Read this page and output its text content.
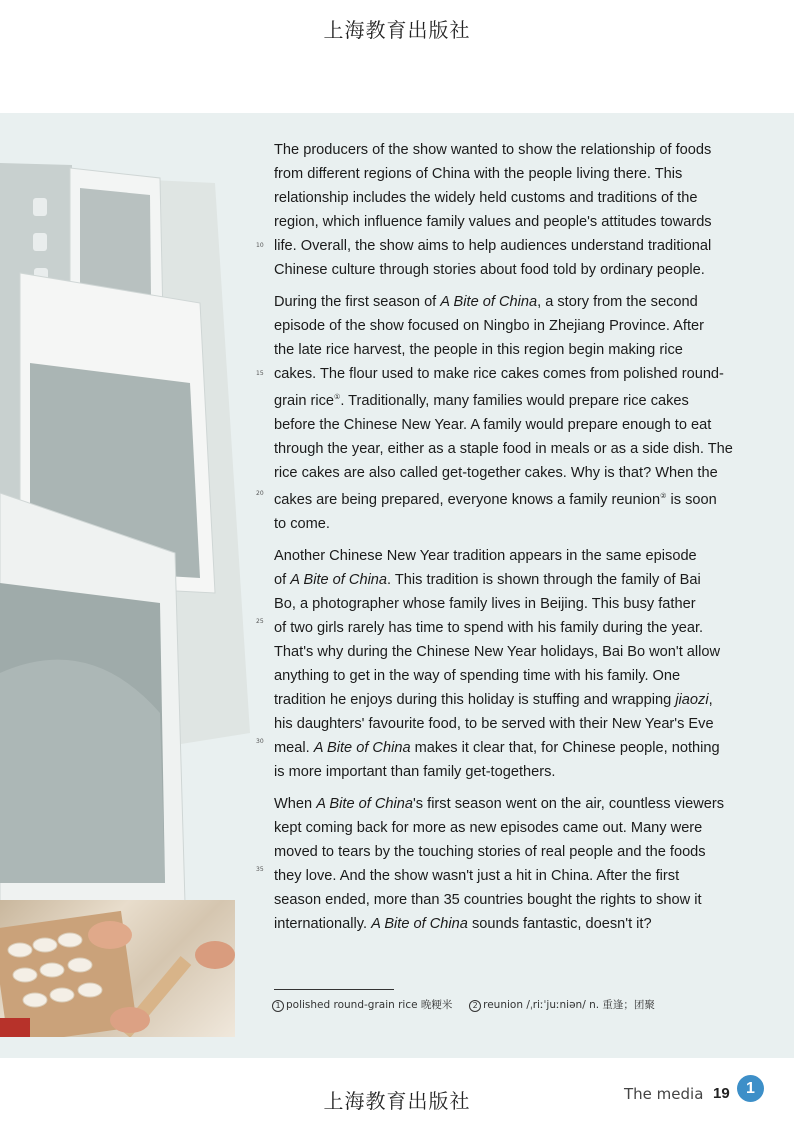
上海教育出版社

The producers of the show wanted to show the relationship of foods
from different regions of China with the people living there. This
relationship includes the widely held customs and traditions of the
region, which influence family values and people's attitudes towards
life. Overall, the show aims to help audiences understand traditional
Chinese culture through stories about food told by ordinary people.

During the first season of A Bite of China, a story from the second
episode of the show focused on Ningbo in Zhejiang Province. After
the late rice harvest, the people in this region begin making rice
cakes. The flour used to make rice cakes comes from polished round-
grain rice①. Traditionally, many families would prepare rice cakes
before the Chinese New Year. A family would prepare enough to eat
through the year, either as a staple food in meals or as a side dish. The
rice cakes are also called get-together cakes. Why is that? When the
cakes are being prepared, everyone knows a family reunion② is soon
to come.

Another Chinese New Year tradition appears in the same episode
of A Bite of China. This tradition is shown through the family of Bai
Bo, a photographer whose family lives in Beijing. This busy father
of two girls rarely has time to spend with his family during the year.
That's why during the Chinese New Year holidays, Bai Bo won't allow
anything to get in the way of spending time with his family. One
tradition he enjoys during this holiday is stuffing and wrapping jiaozi,
his daughters' favourite food, to be served with their New Year's Eve
meal. A Bite of China makes it clear that, for Chinese people, nothing
is more important than family get-togethers.

When A Bite of China's first season went on the air, countless viewers
kept coming back for more as new episodes came out. Many were
moved to tears by the touching stories of real people and the foods
they love. And the show wasn't just a hit in China. After the first
season ended, more than 35 countries bought the rights to show it
internationally. A Bite of China sounds fantastic, doesn't it?

10
15
20
25
30
35
1 polished round-grain rice 晚粳米	2 reunion /ˌriːˈjuːniən/ n. 重逢；团聚
上海教育出版社	The media 19	1
